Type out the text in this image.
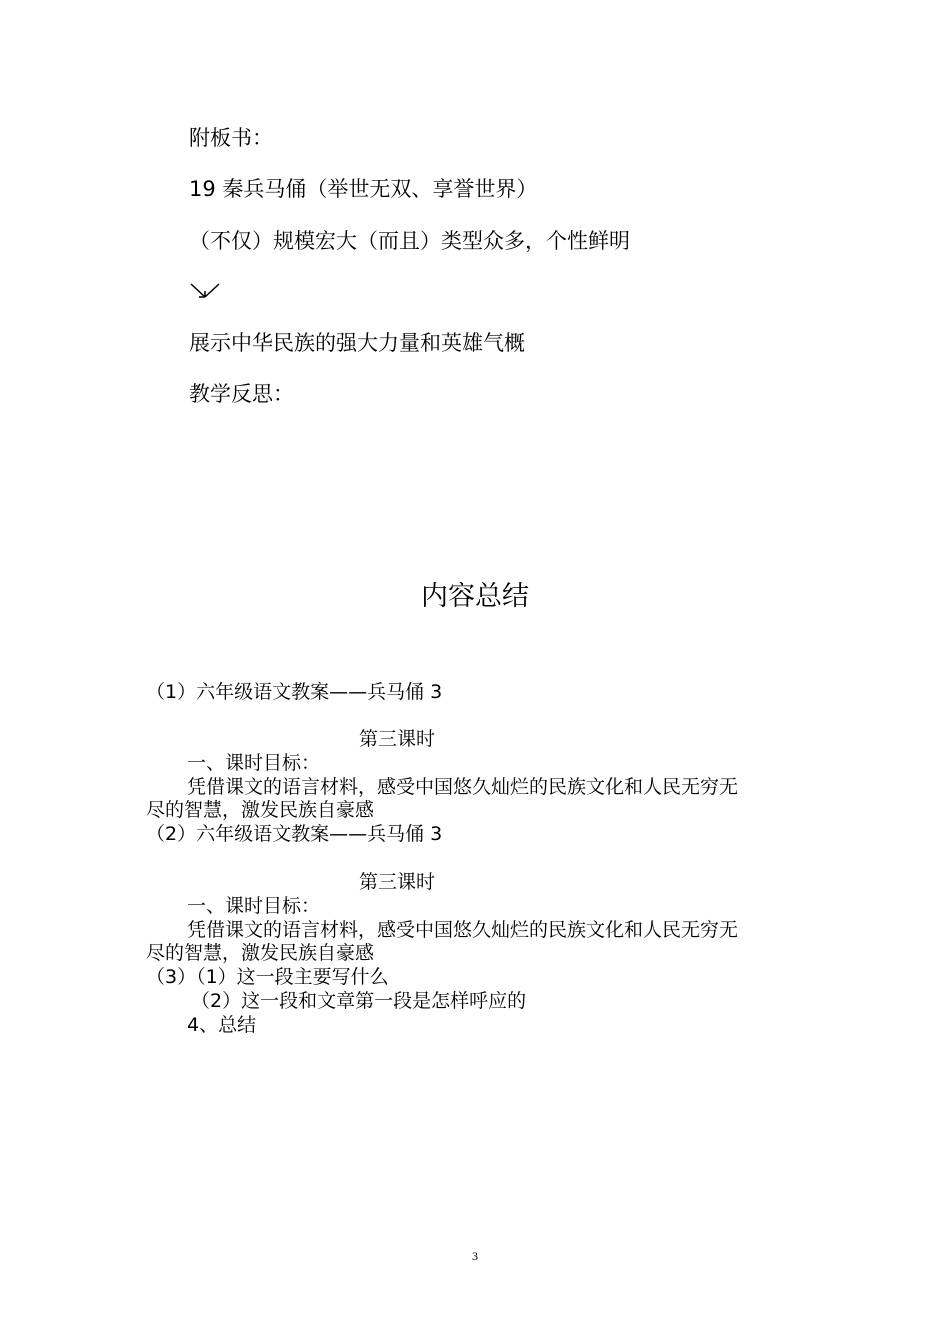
附板书：
19 秦兵马俑（举世无双、享誉世界）
（不仅）规模宏大（而且）类型众多，个性鲜明
展示中华民族的强大力量和英雄气概
教学反思：
内容总结
（1）六年级语文教案——兵马俑 3
第三课时
一、课时目标：
凭借课文的语言材料，感受中国悠久灿烂的民族文化和人民无穷无
尽的智慧，激发民族自豪感
（2）六年级语文教案——兵马俑 3
第三课时
一、课时目标：
凭借课文的语言材料，感受中国悠久灿烂的民族文化和人民无穷无
尽的智慧，激发民族自豪感
（3）（1）这一段主要写什么
（2）这一段和文章第一段是怎样呼应的
4、总结
3
